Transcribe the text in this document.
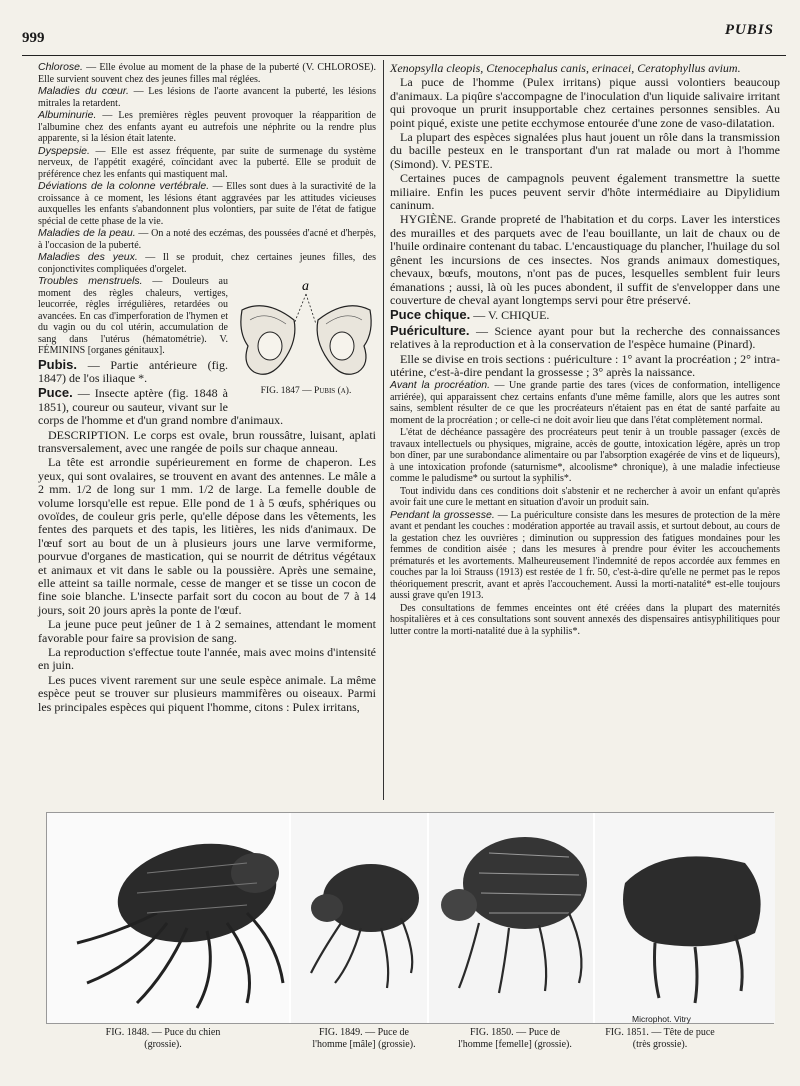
999	PUBIS

Chlorose. — Elle évolue au moment de la phase de la puberté (V. CHLOROSE). Elle survient souvent chez des jeunes filles mal réglées.

Maladies du cœur. — Les lésions de l'aorte avancent la puberté, les lésions mitrales la retardent.

Albuminurie. — Les premières règles peuvent provoquer la réapparition de l'albumine chez des enfants ayant eu autrefois une néphrite ou la rendre plus apparente, si la lésion était latente.

Dyspepsie. — Elle est assez fréquente, par suite de surmenage du système nerveux, de l'appétit exagéré, coïncidant avec la puberté. Elle se produit de préférence chez les enfants qui mastiquent mal.

Déviations de la colonne vertébrale. — Elles sont dues à la suractivité de la croissance à ce moment, les lésions étant aggravées par les attitudes vicieuses auxquelles les enfants s'abandonnent plus volontiers, par suite de l'état de fatigue spécial de cette phase de la vie.

Maladies de la peau. — On a noté des eczémas, des poussées d'acné et d'herpès, à l'occasion de la puberté.

Maladies des yeux. — Il se produit, chez certaines jeunes filles, des conjonctivites compliquées d'orgelet.

a
FIG. 1847 — Pubis (a).

Troubles menstruels. — Douleurs au moment des règles chaleurs, vertiges, leucorrée, règles irrégulières, retardées ou avancées. En cas d'imperforation de l'hymen et du vagin ou du col utérin, accumulation de sang dans l'utérus (hématométrie). V. FÉMININS [organes génitaux].

Pubis. — Partie antérieure (fig. 1847) de l'os iliaque *.

Puce. — Insecte aptère (fig. 1848 à 1851), coureur ou sauteur, vivant sur le corps de l'homme et d'un grand nombre d'animaux.

DESCRIPTION. Le corps est ovale, brun roussâtre, luisant, aplati transversalement, avec une rangée de poils sur chaque anneau.

La tête est arrondie supérieurement en forme de chaperon. Les yeux, qui sont ovalaires, se trouvent en avant des antennes. Le mâle a 2 mm. 1/2 de long sur 1 mm. 1/2 de large. La femelle double de volume lorsqu'elle est repue. Elle pond de 1 à 5 œufs, sphériques ou ovoïdes, de couleur gris perle, qu'elle dépose dans les vêtements, les fentes des parquets et des tapis, les litières, les nids d'animaux. De l'œuf sort au bout de un à plusieurs jours une larve vermiforme, pourvue d'organes de mastication, qui se nourrit de détritus végétaux et animaux et vit dans le sable ou la poussière. Après une semaine, elle atteint sa taille normale, cesse de manger et se tisse un cocon de fine soie blanche. L'insecte parfait sort du cocon au bout de 7 à 14 jours, soit 20 jours après la ponte de l'œuf.

La jeune puce peut jeûner de 1 à 2 semaines, attendant le moment favorable pour faire sa provision de sang.

La reproduction s'effectue toute l'année, mais avec moins d'intensité en juin.

Les puces vivent rarement sur une seule espèce animale. La même espèce peut se trouver sur plusieurs mammifères ou oiseaux. Parmi les principales espèces qui piquent l'homme, citons : Pulex irritans,

Xenopsylla cleopis, Ctenocephalus canis, erinacei, Ceratophyllus avium.

La puce de l'homme (Pulex irritans) pique aussi volontiers beaucoup d'animaux. La piqûre s'accompagne de l'inoculation d'un liquide salivaire irritant qui provoque un prurit insupportable chez certaines personnes sensibles. Au point piqué, existe une petite ecchymose entourée d'une zone de vaso-dilatation.

La plupart des espèces signalées plus haut jouent un rôle dans la transmission du bacille pesteux en le transportant d'un rat malade ou mort à l'homme (Simond). V. PESTE.

Certaines puces de campagnols peuvent également transmettre la suette miliaire. Enfin les puces peuvent servir d'hôte intermédiaire au Dipylidium caninum.

HYGIÈNE. Grande propreté de l'habitation et du corps. Laver les interstices des murailles et des parquets avec de l'eau bouillante, un lait de chaux ou de l'huile ordinaire contenant du tabac. L'encaustiquage du plancher, l'huilage du sol gênent les incursions de ces insectes. Nos grands animaux domestiques, chevaux, bœufs, moutons, n'ont pas de puces, lesquelles semblent fuir leurs émanations ; aussi, là où les puces abondent, il suffit de s'envelopper dans une couverture de cheval ayant longtemps servi pour être préservé.

Puce chique. — V. CHIQUE.

Puériculture. — Science ayant pour but la recherche des connaissances relatives à la reproduction et à la conservation de l'espèce humaine (Pinard).

Elle se divise en trois sections : puériculture : 1° avant la procréation ; 2° intra-utérine, c'est-à-dire pendant la grossesse ; 3° après la naissance.

Avant la procréation. — Une grande partie des tares (vices de conformation, intelligence arriérée), qui apparaissent chez certains enfants d'une même famille, alors que les autres sont sains, semblent résulter de ce que les procréateurs n'étaient pas en état de santé parfaite au moment de la procréation ; or celle-ci ne doit avoir lieu que dans l'état complètement normal.

L'état de déchéance passagère des procréateurs peut tenir à un trouble passager (excès de travaux intellectuels ou physiques, migraine, accès de goutte, intoxication légère, après un trop bon dîner, par une surabondance alimentaire ou par l'absorption exagérée de vins et de liqueurs), à une intoxication profonde (saturnisme*, alcoolisme* chronique), à une maladie infectieuse comme le paludisme* ou surtout la syphilis*.

Tout individu dans ces conditions doit s'abstenir et ne rechercher à avoir un enfant qu'après avoir fait une cure le mettant en situation d'avoir un produit sain.

Pendant la grossesse. — La puériculture consiste dans les mesures de protection de la mère avant et pendant les couches : modération apportée au travail assis, et surtout debout, au cours de la gestation chez les ouvrières ; diminution ou suppression des fatigues mondaines pour les femmes de condition aisée ; dans les mesures à prendre pour éviter les accouchements prématurés et les avortements. Malheureusement l'indemnité de repos accordée aux femmes en couches par la loi Strauss (1913) est restée de 1 fr. 50, c'est-à-dire qu'elle ne permet pas le repos théoriquement prescrit, avant et après l'accouchement. Aussi la morti-natalité* est-elle toujours aussi grave qu'en 1913.

Des consultations de femmes enceintes ont été créées dans la plupart des maternités hospitalières et à ces consultations sont souvent annexés des dispensaires antisyphilitiques pour lutter contre la morti-natalité due à la syphilis*.

Microphot. Vitry
FIG. 1848. — Puce du chien (grossie).
FIG. 1849. — Puce de l'homme [mâle] (grossie).
FIG. 1850. — Puce de l'homme [femelle] (grossie).
FIG. 1851. — Tête de puce (très grossie).
